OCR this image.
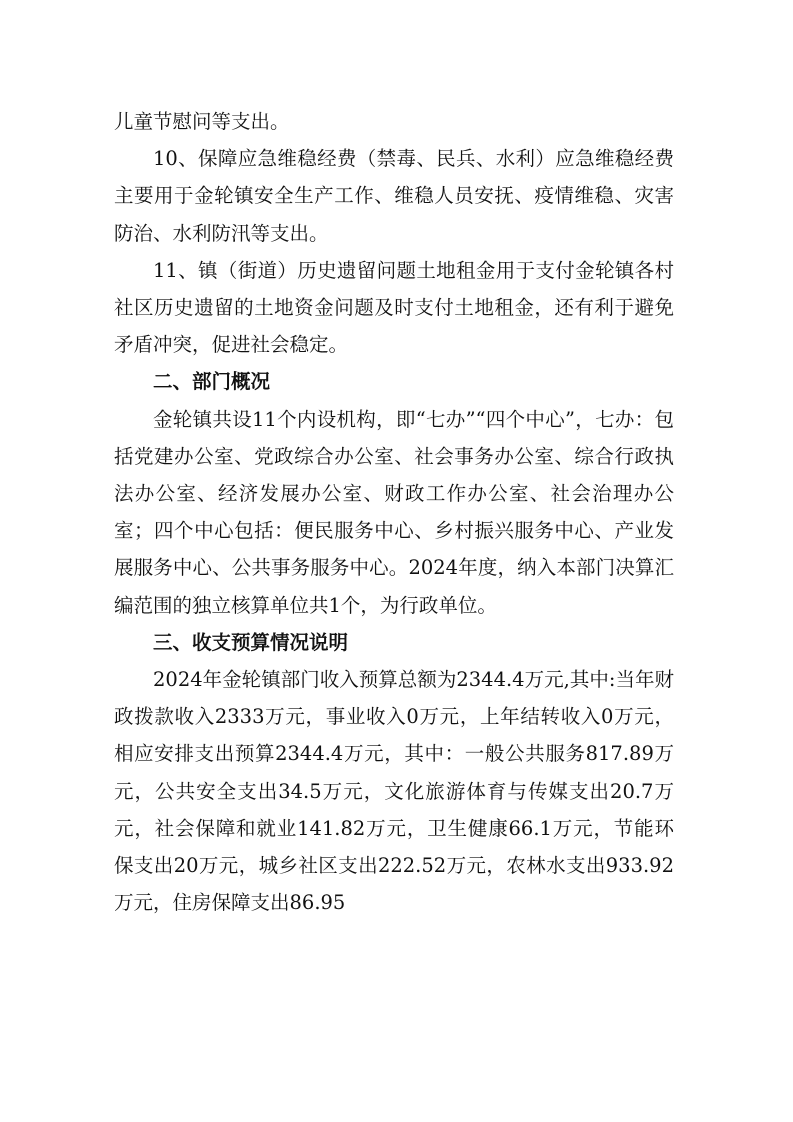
儿童节慰问等支出。

10、保障应急维稳经费（禁毒、民兵、水利）应急维稳经费主要用于金轮镇安全生产工作、维稳人员安抚、疫情维稳、灾害防治、水利防汛等支出。

11、镇（街道）历史遗留问题土地租金用于支付金轮镇各村社区历史遗留的土地资金问题及时支付土地租金，还有利于避免矛盾冲突，促进社会稳定。

二、部门概况

金轮镇共设11个内设机构，即“七办”“四个中心”，七办：包括党建办公室、党政综合办公室、社会事务办公室、综合行政执法办公室、经济发展办公室、财政工作办公室、社会治理办公室；四个中心包括：便民服务中心、乡村振兴服务中心、产业发展服务中心、公共事务服务中心。2024年度，纳入本部门决算汇编范围的独立核算单位共1个，为行政单位。

三、收支预算情况说明

2024年金轮镇部门收入预算总额为2344.4万元,其中:当年财政拨款收入2333万元，事业收入0万元，上年结转收入0万元，相应安排支出预算2344.4万元，其中：一般公共服务817.89万元，公共安全支出34.5万元，文化旅游体育与传媒支出20.7万元，社会保障和就业141.82万元，卫生健康66.1万元，节能环保支出20万元，城乡社区支出222.52万元，农林水支出933.92万元，住房保障支出86.95
